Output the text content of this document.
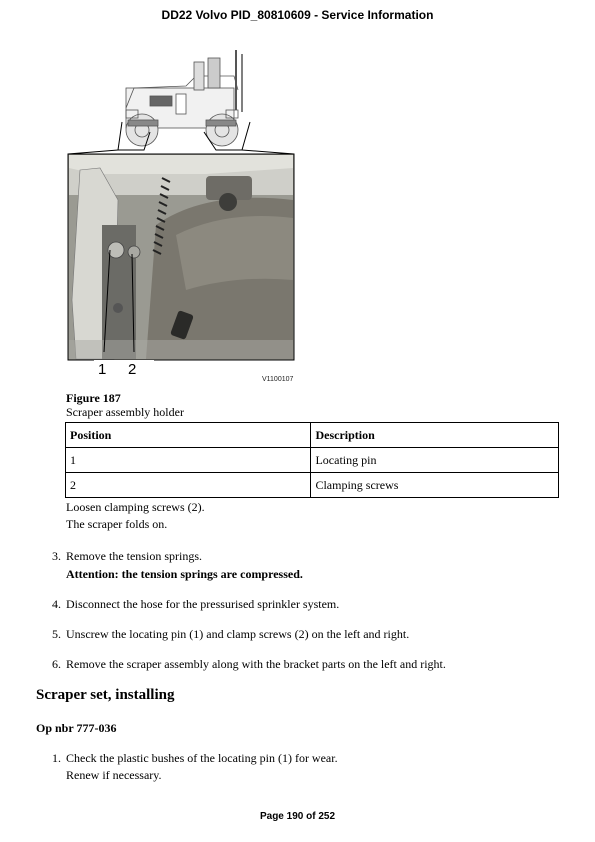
DD22 Volvo PID_80810609 - Service Information
1 2
V1100107
Figure 187
Scraper assembly holder
Position	Description
1	Locating pin
2	Clamping screws
Loosen clamping screws (2).
The scraper folds on.
3. Remove the tension springs.
Attention: the tension springs are compressed.
4. Disconnect the hose for the pressurised sprinkler system.
5. Unscrew the locating pin (1) and clamp screws (2) on the left and right.
6. Remove the scraper assembly along with the bracket parts on the left and right.
Scraper set, installing
Op nbr 777-036
1. Check the plastic bushes of the locating pin (1) for wear.
Renew if necessary.
Page 190 of 252
